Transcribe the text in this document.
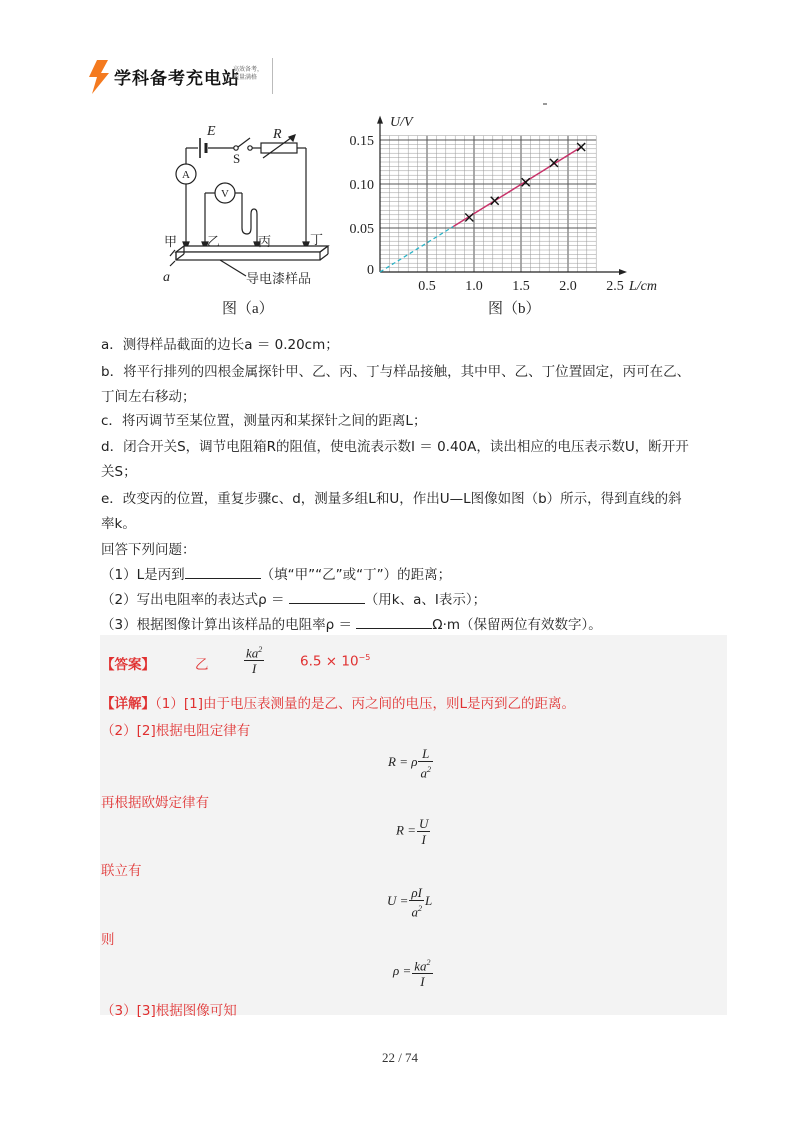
学科备考充电站
高效备考，
能量满格
E
S
R
A
V
甲 乙	丙	丁
a	导电漆样品
图（a）
0.5 1.0 1.5 2.0 2.5
0.05
0.10
0.15
0
L/cm
U/V
图（b）
a．测得样品截面的边长a ＝ 0.20cm；
b．将平行排列的四根金属探针甲、乙、丙、丁与样品接触，其中甲、乙、丁位置固定，丙可在乙、
丁间左右移动；
c．将丙调节至某位置，测量丙和某探针之间的距离L；
d．闭合开关S，调节电阻箱R的阻值，使电流表示数I ＝ 0.40A，读出相应的电压表示数U，断开开
关S；
e．改变丙的位置，重复步骤c、d，测量多组L和U，作出U—L图像如图（b）所示，得到直线的斜
率k。
回答下列问题：
（1）L是丙到	（填“甲”“乙”或“丁”）的距离；
（2）写出电阻率的表达式ρ ＝	（用k、a、I表示）；
（3）根据图像计算出该样品的电阻率ρ ＝	Ω·m（保留两位有效数字）。
【答案】	乙	$\frac{ka^2}{I}$	$6.5 \times 10^{-5}$
【详解】（1）[1]由于电压表测量的是乙、丙之间的电压，则L是丙到乙的距离。
（2）[2]根据电阻定律有
R = ρ $\frac{L}{a^2}$
再根据欧姆定律有
$R = \frac{U}{I}$
联立有
$U = \frac{\rho I}{a^2}$ L
则
$\rho = \frac{ka^2}{I}$
（3）[3]根据图像可知
22 / 74
